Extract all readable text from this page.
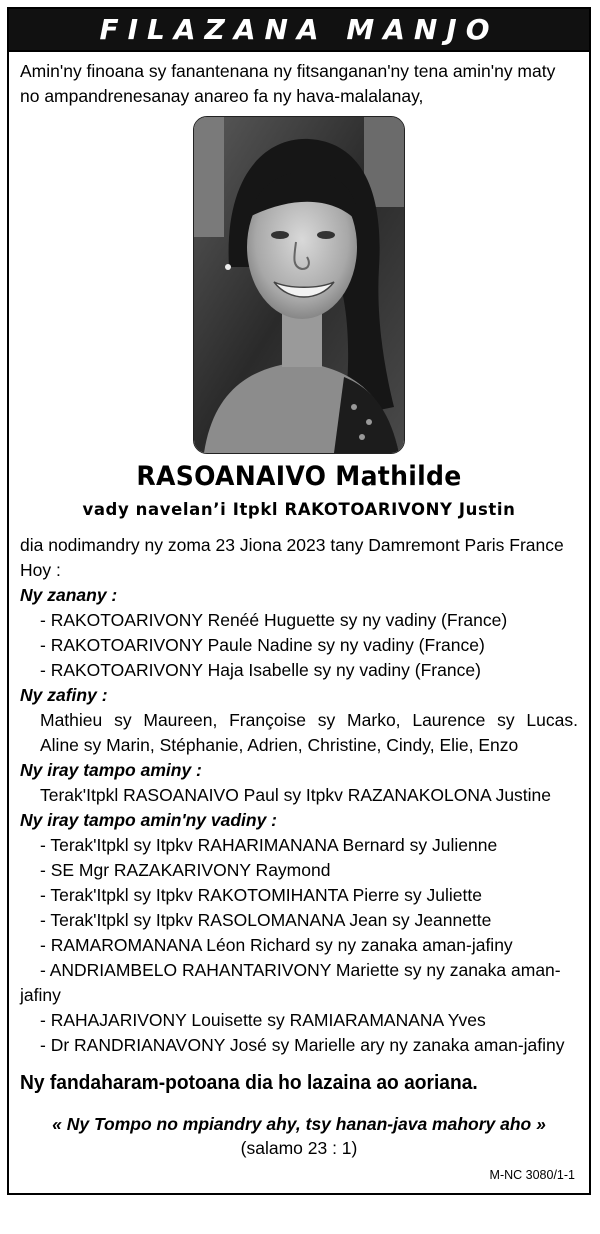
FILAZANA MANJO
Amin'ny finoana sy fanantenana ny fitsanganan'ny tena amin'ny maty
no ampandrenesanay anareo fa ny hava-malalanay,
RASOANAIVO Mathilde
vady navelan’i Itpkl RAKOTOARIVONY Justin
dia nodimandry ny zoma 23 Jiona 2023 tany Damremont Paris France
Hoy :
Ny zanany :
- RAKOTOARIVONY Renéé Huguette sy ny vadiny (France)
- RAKOTOARIVONY Paule Nadine sy ny vadiny (France)
- RAKOTOARIVONY Haja Isabelle sy ny vadiny (France)
Ny zafiny :
Mathieu sy Maureen, Françoise sy Marko, Laurence sy Lucas.
Aline sy Marin, Stéphanie, Adrien, Christine, Cindy, Elie, Enzo
Ny iray tampo aminy :
Terak'Itpkl RASOANAIVO Paul sy Itpkv RAZANAKOLONA Justine
Ny iray tampo amin'ny vadiny :
- Terak'Itpkl sy Itpkv RAHARIMANANA Bernard sy Julienne
- SE Mgr RAZAKARIVONY Raymond
- Terak'Itpkl sy Itpkv RAKOTOMIHANTA Pierre sy Juliette
- Terak'Itpkl sy Itpkv RASOLOMANANA Jean sy Jeannette
- RAMAROMANANA Léon Richard sy ny zanaka aman-jafiny
- ANDRIAMBELO RAHANTARIVONY Mariette sy ny zanaka aman-jafiny
- RAHAJARIVONY Louisette sy RAMIARAMANANA Yves
- Dr RANDRIANAVONY José sy Marielle ary ny zanaka aman-jafiny
Ny fandaharam-potoana dia ho lazaina ao aoriana.
« Ny Tompo no mpiandry ahy, tsy hanan-java mahory aho »
(salamo 23 : 1)
M-NC 3080/1-1
